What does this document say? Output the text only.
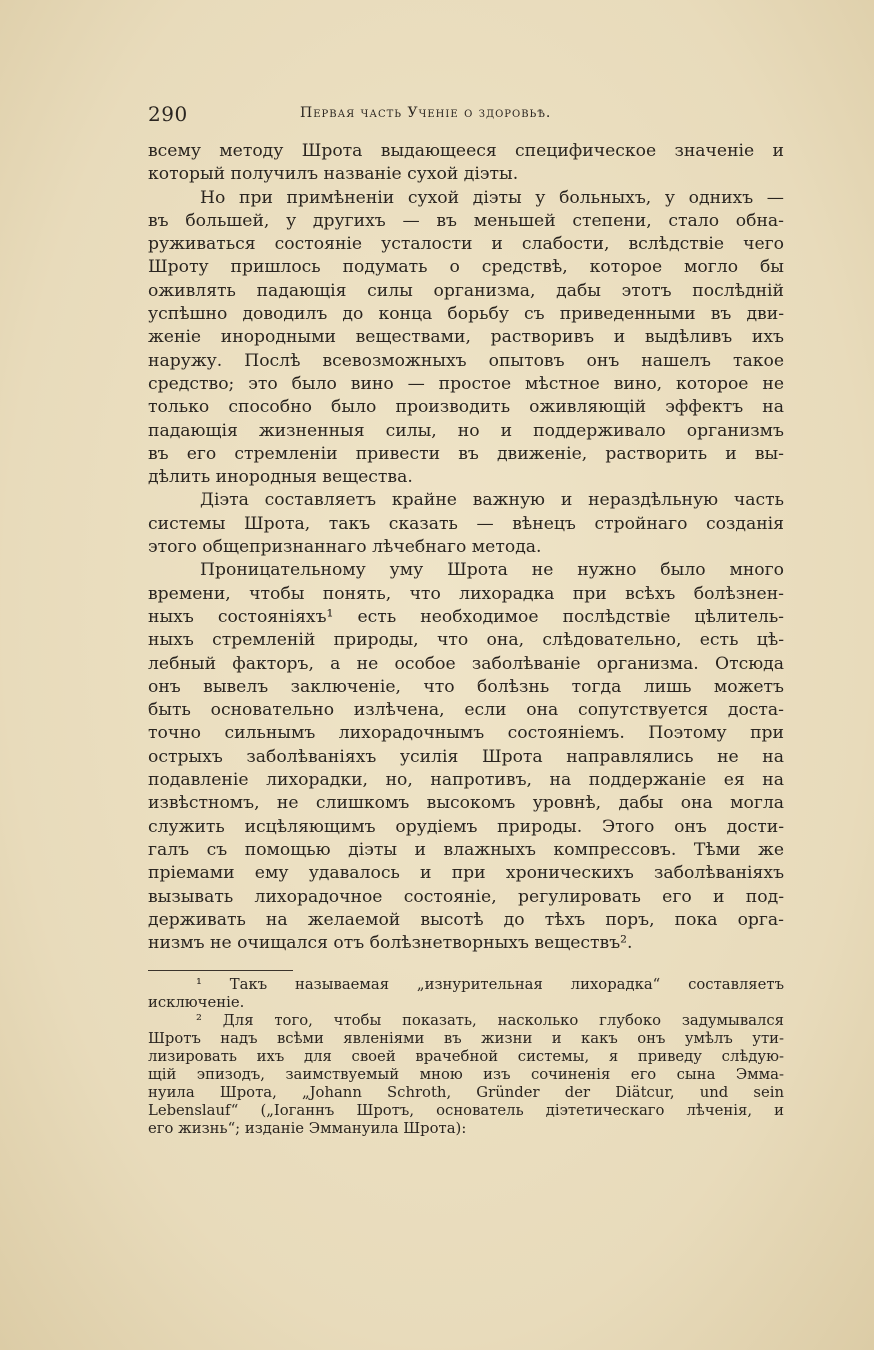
290	Первая часть Ученіе о здоровьѣ.

всему методу Шрота выдающееся специфическое значенiе и

который получилъ названiе сухой дiэты.

Но при примѣненiи сухой дiэты у больныхъ, у однихъ —

въ большей, у другихъ — въ меньшей степени, стало обна-

руживаться состоянiе усталости и слабости, вслѣдствiе чего

Шроту пришлось подумать о средствѣ, которое могло бы

оживлять падающiя силы организма, дабы этотъ послѣднiй

успѣшно доводилъ до конца борьбу съ приведенными въ дви-

женiе инородными веществами, растворивъ и выдѣливъ ихъ

наружу. Послѣ всевозможныхъ опытовъ онъ нашелъ такое

средство; это было вино — простое мѣстное вино, которое не

только способно было производить оживляющiй эффектъ на

падающiя жизненныя силы, но и поддерживало организмъ

въ его стремленiи привести въ движенiе, растворить и вы-

дѣлить инородныя вещества.

Дiэта составляетъ крайне важную и нераздѣльную часть

системы Шрота, такъ сказать — вѣнецъ стройнаго созданiя

этого общепризнаннаго лѣчебнаго метода.

Проницательному уму Шрота не нужно было много

времени, чтобы понять, что лихорадка при всѣхъ болѣзнен-

ныхъ состоянiяхъ¹ есть необходимое послѣдствiе цѣлитель-

ныхъ стремленiй природы, что она, слѣдовательно, есть цѣ-

лебный факторъ, а не особое заболѣванiе организма. Отсюда

онъ вывелъ заключенiе, что болѣзнь тогда лишь можетъ

быть основательно излѣчена, если она сопутствуется доста-

точно сильнымъ лихорадочнымъ состоянiемъ. Поэтому при

острыхъ заболѣванiяхъ усилiя Шрота направлялись не на

подавленiе лихорадки, но, напротивъ, на поддержанiе ея на

извѣстномъ, не слишкомъ высокомъ уровнѣ, дабы она могла

служить исцѣляющимъ орудiемъ природы. Этого онъ дости-

галъ съ помощью дiэты и влажныхъ компрессовъ. Тѣми же

прiемами ему удавалось и при хроническихъ заболѣванiяхъ

вызывать лихорадочное состоянiе, регулировать его и под-

держивать на желаемой высотѣ до тѣхъ поръ, пока орга-

низмъ не очищался отъ болѣзнетворныхъ веществъ².

¹ Такъ называемая „изнурительная лихорадка“ составляетъ

исключенiе.

² Для того, чтобы показать, насколько глубоко задумывался

Шротъ надъ всѣми явленiями въ жизни и какъ онъ умѣлъ ути-

лизировать ихъ для своей врачебной системы, я приведу слѣдую-

щiй эпизодъ, заимствуемый мною изъ сочиненiя его сына Эмма-

нуила Шрота, „Johann Schroth, Gründer der Diätcur, und sein

Lebenslauf“ („Iоганнъ Шротъ, основатель дiэтетическаго лѣченiя, и

его жизнь“; изданiе Эммануила Шрота):
